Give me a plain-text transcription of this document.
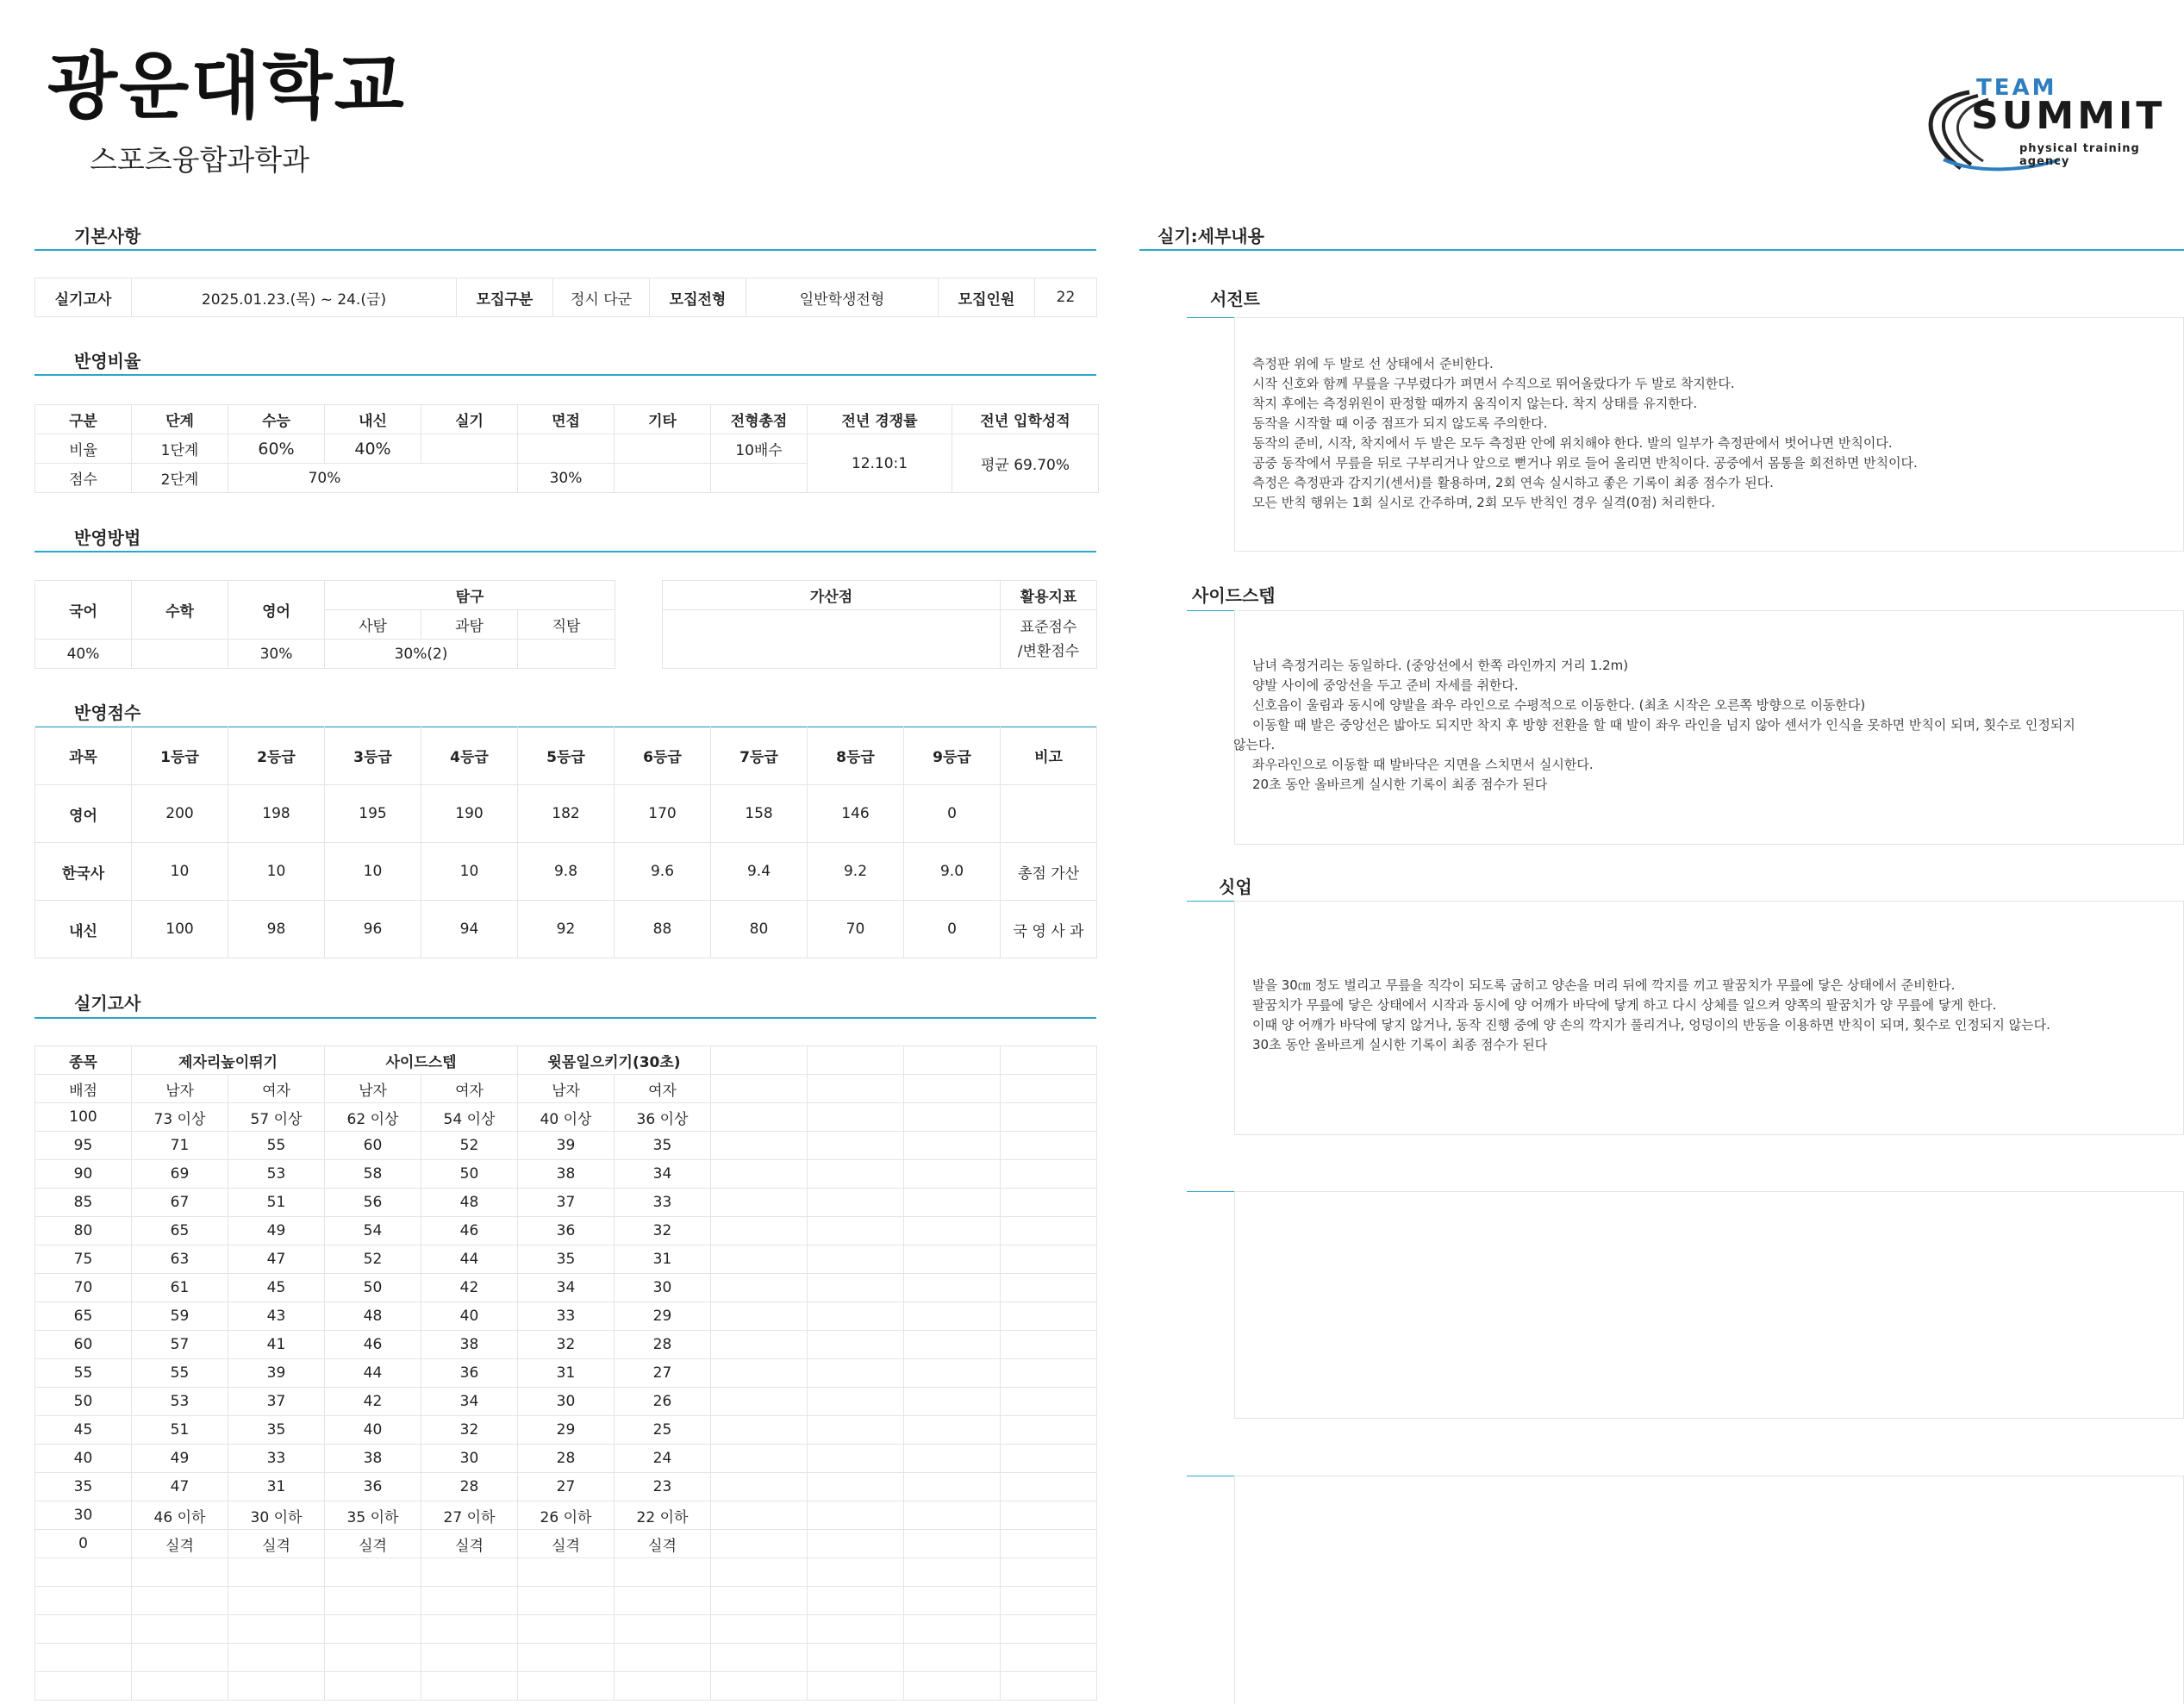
광운대학교
스포츠융합과학과
TEAM
SUMMIT
physical training agency
기본사항
실기고사	2025.01.23.(목) ~ 24.(금)	모집구분	정시 다군	모집전형	일반학생전형	모집인원	22
반영비율
구분	단계	수능	내신	실기	면접	기타	전형총점	전년 경쟁률	전년 입학성적

비율	1단계	60%	40%				10배수	12.10:1	평균 69.70%
점수	2단계	70%			30%				
반영방법
국어	수학	영어	탐구		
			사탐	과탐	직탐
40%		30%	30%(2)		
가산점	활용지표

	표준점수
/변환점수
반영점수
과목	1등급	2등급	3등급	4등급	5등급	6등급	7등급	8등급	9등급	비고
영어	200	198	195	190	182	170	158	146	0	
한국사	10	10	10	10	9.8	9.6	9.4	9.2	9.0	총점 가산
내신	100	98	96	94	92	88	80	70	0	국 영 사 과
실기고사
종목	제자리높이뛰기		사이드스텝		윗몸일으키기(30초)					
배점	남자	여자	남자	여자	남자	여자				
100	73 이상	57 이상	62 이상	54 이상	40 이상	36 이상				
95	71	55	60	52	39	35				
90	69	53	58	50	38	34				
85	67	51	56	48	37	33				
80	65	49	54	46	36	32				
75	63	47	52	44	35	31				
70	61	45	50	42	34	30				
65	59	43	48	40	33	29				
60	57	41	46	38	32	28				
55	55	39	44	36	31	27				
50	53	37	42	34	30	26				
45	51	35	40	32	29	25				
40	49	33	38	30	28	24				
35	47	31	36	28	27	23				
30	46 이하	30 이하	35 이하	27 이하	26 이하	22 이하				
0	실격	실격	실격	실격	실격	실격				

실기:세부내용
서전트
측정판 위에 두 발로 선 상태에서 준비한다.
시작 신호와 함께 무릎을 구부렸다가 펴면서 수직으로 뛰어올랐다가 두 발로 착지한다.
착지 후에는 측정위원이 판정할 때까지 움직이지 않는다. 착지 상태를 유지한다.
동작을 시작할 때 이중 점프가 되지 않도록 주의한다.
동작의 준비, 시작, 착지에서 두 발은 모두 측정판 안에 위치해야 한다. 발의 일부가 측정판에서 벗어나면 반칙이다.
공중 동작에서 무릎을 뒤로 구부리거나 앞으로 뻗거나 위로 들어 올리면 반칙이다. 공중에서 몸통을 회전하면 반칙이다.
측정은 측정판과 감지기(센서)를 활용하며, 2회 연속 실시하고 좋은 기록이 최종 점수가 된다.
모든 반칙 행위는 1회 실시로 간주하며, 2회 모두 반칙인 경우 실격(0점) 처리한다.
사이드스텝
남녀 측정거리는 동일하다. (중앙선에서 한쪽 라인까지 거리 1.2m)
양발 사이에 중앙선을 두고 준비 자세를 취한다.
신호음이 울림과 동시에 양발을 좌우 라인으로 수평적으로 이동한다. (최초 시작은 오른쪽 방향으로 이동한다)
이동할 때 발은 중앙선은 밟아도 되지만 착지 후 방향 전환을 할 때 발이 좌우 라인을 넘지 않아 센서가 인식을 못하면 반칙이 되며, 횟수로 인정되지
않는다.
좌우라인으로 이동할 때 발바닥은 지면을 스치면서 실시한다.
20초 동안 올바르게 실시한 기록이 최종 점수가 된다
싯업
발을 30㎝ 정도 벌리고 무릎을 직각이 되도록 굽히고 양손을 머리 뒤에 깍지를 끼고 팔꿈치가 무릎에 닿은 상태에서 준비한다.
팔꿈치가 무릎에 닿은 상태에서 시작과 동시에 양 어깨가 바닥에 닿게 하고 다시 상체를 일으켜 양쪽의 팔꿈치가 양 무릎에 닿게 한다.
이때 양 어깨가 바닥에 닿지 않거나, 동작 진행 중에 양 손의 깍지가 풀리거나, 엉덩이의 반동을 이용하면 반칙이 되며, 횟수로 인정되지 않는다.
30초 동안 올바르게 실시한 기록이 최종 점수가 된다
